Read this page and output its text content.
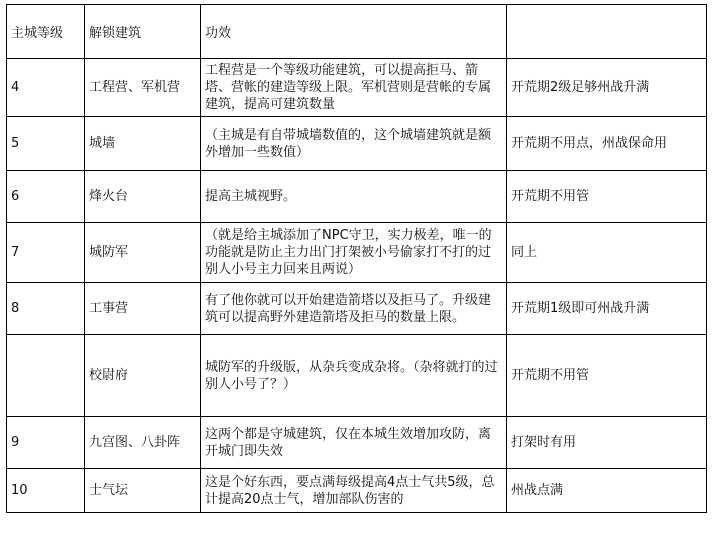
主城等级	解锁建筑	功效	
4	工程营、军机营	工程营是一个等级功能建筑，可以提高拒马、箭塔、营帐的建造等级上限。军机营则是营帐的专属建筑，提高可建筑数量	开荒期2级足够州战升满
5	城墙	（主城是有自带城墙数值的，这个城墙建筑就是额外增加一些数值）	开荒期不用点，州战保命用
6	烽火台	提高主城视野。	开荒期不用管
7	城防军	（就是给主城添加了NPC守卫，实力极差，唯一的功能就是防止主力出门打架被小号偷家打不打的过别人小号主力回来且两说）	同上
8	工事营	有了他你就可以开始建造箭塔以及拒马了。升级建筑可以提高野外建造箭塔及拒马的数量上限。	开荒期1级即可州战升满
	校尉府	城防军的升级版，从杂兵变成杂将。（杂将就打的过别人小号了？）	开荒期不用管
9	九宫图、八卦阵	这两个都是守城建筑，仅在本城生效增加攻防，离开城门即失效	打架时有用
10	士气坛	这是个好东西，要点满每级提高4点士气共5级，总计提高20点士气，增加部队伤害的	州战点满
